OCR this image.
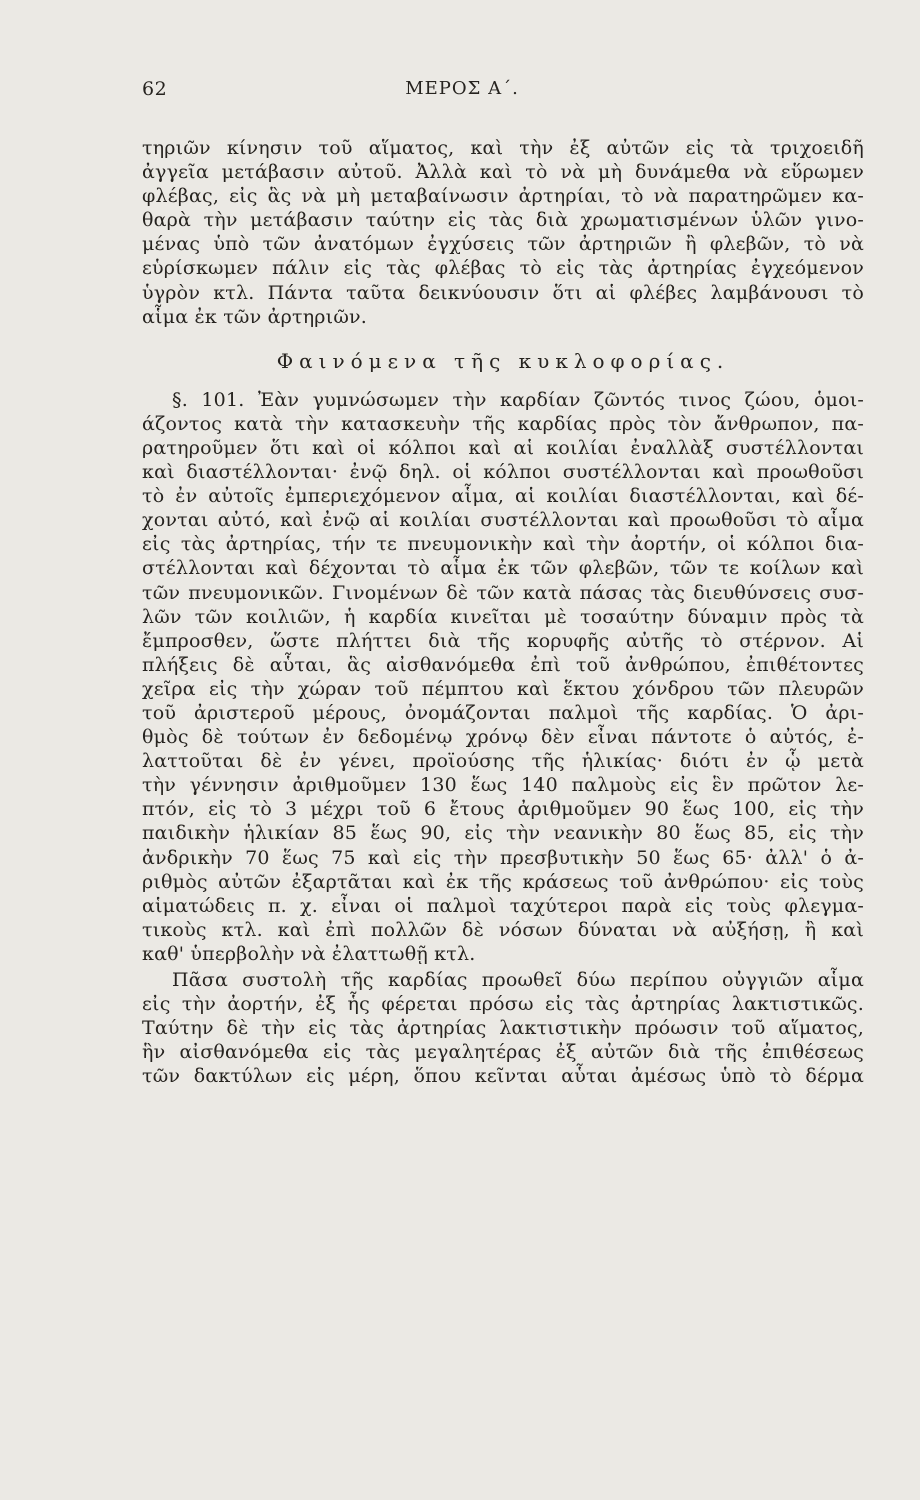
62	ΜΕΡΟΣ Α΄.
τηριῶν κίνησιν τοῦ αἵματος, καὶ τὴν ἐξ αὐτῶν εἰς τὰ τριχοειδῆ
ἀγγεῖα μετάβασιν αὐτοῦ. Ἀλλὰ καὶ τὸ νὰ μὴ δυνάμεθα νὰ εὕρωμεν
φλέβας, εἰς ἃς νὰ μὴ μεταβαίνωσιν ἀρτηρίαι, τὸ νὰ παρατηρῶμεν κα-
θαρὰ τὴν μετάβασιν ταύτην εἰς τὰς διὰ χρωματισμένων ὑλῶν γινο-
μένας ὑπὸ τῶν ἀνατόμων ἐγχύσεις τῶν ἀρτηριῶν ἢ φλεβῶν, τὸ νὰ
εὑρίσκωμεν πάλιν εἰς τὰς φλέβας τὸ εἰς τὰς ἀρτηρίας ἐγχεόμενον
ὑγρὸν κτλ. Πάντα ταῦτα δεικνύουσιν ὅτι αἱ φλέβες λαμβάνουσι τὸ
αἷμα ἐκ τῶν ἀρτηριῶν.
Φαινόμενα τῆς κυκλοφορίας.
§. 101. Ἐὰν γυμνώσωμεν τὴν καρδίαν ζῶντός τινος ζώου, ὁμοι-
άζοντος κατὰ τὴν κατασκευὴν τῆς καρδίας πρὸς τὸν ἄνθρωπον, πα-
ρατηροῦμεν ὅτι καὶ οἱ κόλποι καὶ αἱ κοιλίαι ἐναλλὰξ συστέλλονται
καὶ διαστέλλονται· ἐνῷ δηλ. οἱ κόλποι συστέλλονται καὶ προωθοῦσι
τὸ ἐν αὐτοῖς ἐμπεριεχόμενον αἷμα, αἱ κοιλίαι διαστέλλονται, καὶ δέ-
χονται αὐτό, καὶ ἐνῷ αἱ κοιλίαι συστέλλονται καὶ προωθοῦσι τὸ αἷμα
εἰς τὰς ἀρτηρίας, τήν τε πνευμονικὴν καὶ τὴν ἀορτήν, οἱ κόλποι δια-
στέλλονται καὶ δέχονται τὸ αἷμα ἐκ τῶν φλεβῶν, τῶν τε κοίλων καὶ
τῶν πνευμονικῶν. Γινομένων δὲ τῶν κατὰ πάσας τὰς διευθύνσεις συσ-
λῶν τῶν κοιλιῶν, ἡ καρδία κινεῖται μὲ τοσαύτην δύναμιν πρὸς τὰ
ἔμπροσθεν, ὥστε πλήττει διὰ τῆς κορυφῆς αὐτῆς τὸ στέρνον. Αἱ
πλήξεις δὲ αὗται, ἃς αἰσθανόμεθα ἐπὶ τοῦ ἀνθρώπου, ἐπιθέτοντες
χεῖρα εἰς τὴν χώραν τοῦ πέμπτου καὶ ἕκτου χόνδρου τῶν πλευρῶν
τοῦ ἀριστεροῦ μέρους, ὀνομάζονται παλμοὶ τῆς καρδίας. Ὁ ἀρι-
θμὸς δὲ τούτων ἐν δεδομένῳ χρόνῳ δὲν εἶναι πάντοτε ὁ αὐτός, ἐ-
λαττοῦται δὲ ἐν γένει, προϊούσης τῆς ἡλικίας· διότι ἐν ᾧ μετὰ
τὴν γέννησιν ἀριθμοῦμεν 130 ἕως 140 παλμοὺς εἰς ἓν πρῶτον λε-
πτόν, εἰς τὸ 3 μέχρι τοῦ 6 ἔτους ἀριθμοῦμεν 90 ἕως 100, εἰς τὴν
παιδικὴν ἡλικίαν 85 ἕως 90, εἰς τὴν νεανικὴν 80 ἕως 85, εἰς τὴν
ἀνδρικὴν 70 ἕως 75 καὶ εἰς τὴν πρεσβυτικὴν 50 ἕως 65· ἀλλ' ὁ ἀ-
ριθμὸς αὐτῶν ἐξαρτᾶται καὶ ἐκ τῆς κράσεως τοῦ ἀνθρώπου· εἰς τοὺς
αἱματώδεις π. χ. εἶναι οἱ παλμοὶ ταχύτεροι παρὰ εἰς τοὺς φλεγμα-
τικοὺς κτλ. καὶ ἐπὶ πολλῶν δὲ νόσων δύναται νὰ αὐξήσῃ, ἢ καὶ
καθ' ὑπερβολὴν νὰ ἐλαττωθῇ κτλ.
Πᾶσα συστολὴ τῆς καρδίας προωθεῖ δύω περίπου οὐγγιῶν αἷμα
εἰς τὴν ἀορτήν, ἐξ ἧς φέρεται πρόσω εἰς τὰς ἀρτηρίας λακτιστικῶς.
Ταύτην δὲ τὴν εἰς τὰς ἀρτηρίας λακτιστικὴν πρόωσιν τοῦ αἵματος,
ἣν αἰσθανόμεθα εἰς τὰς μεγαλητέρας ἐξ αὐτῶν διὰ τῆς ἐπιθέσεως
τῶν δακτύλων εἰς μέρη, ὅπου κεῖνται αὗται ἀμέσως ὑπὸ τὸ δέρμα
